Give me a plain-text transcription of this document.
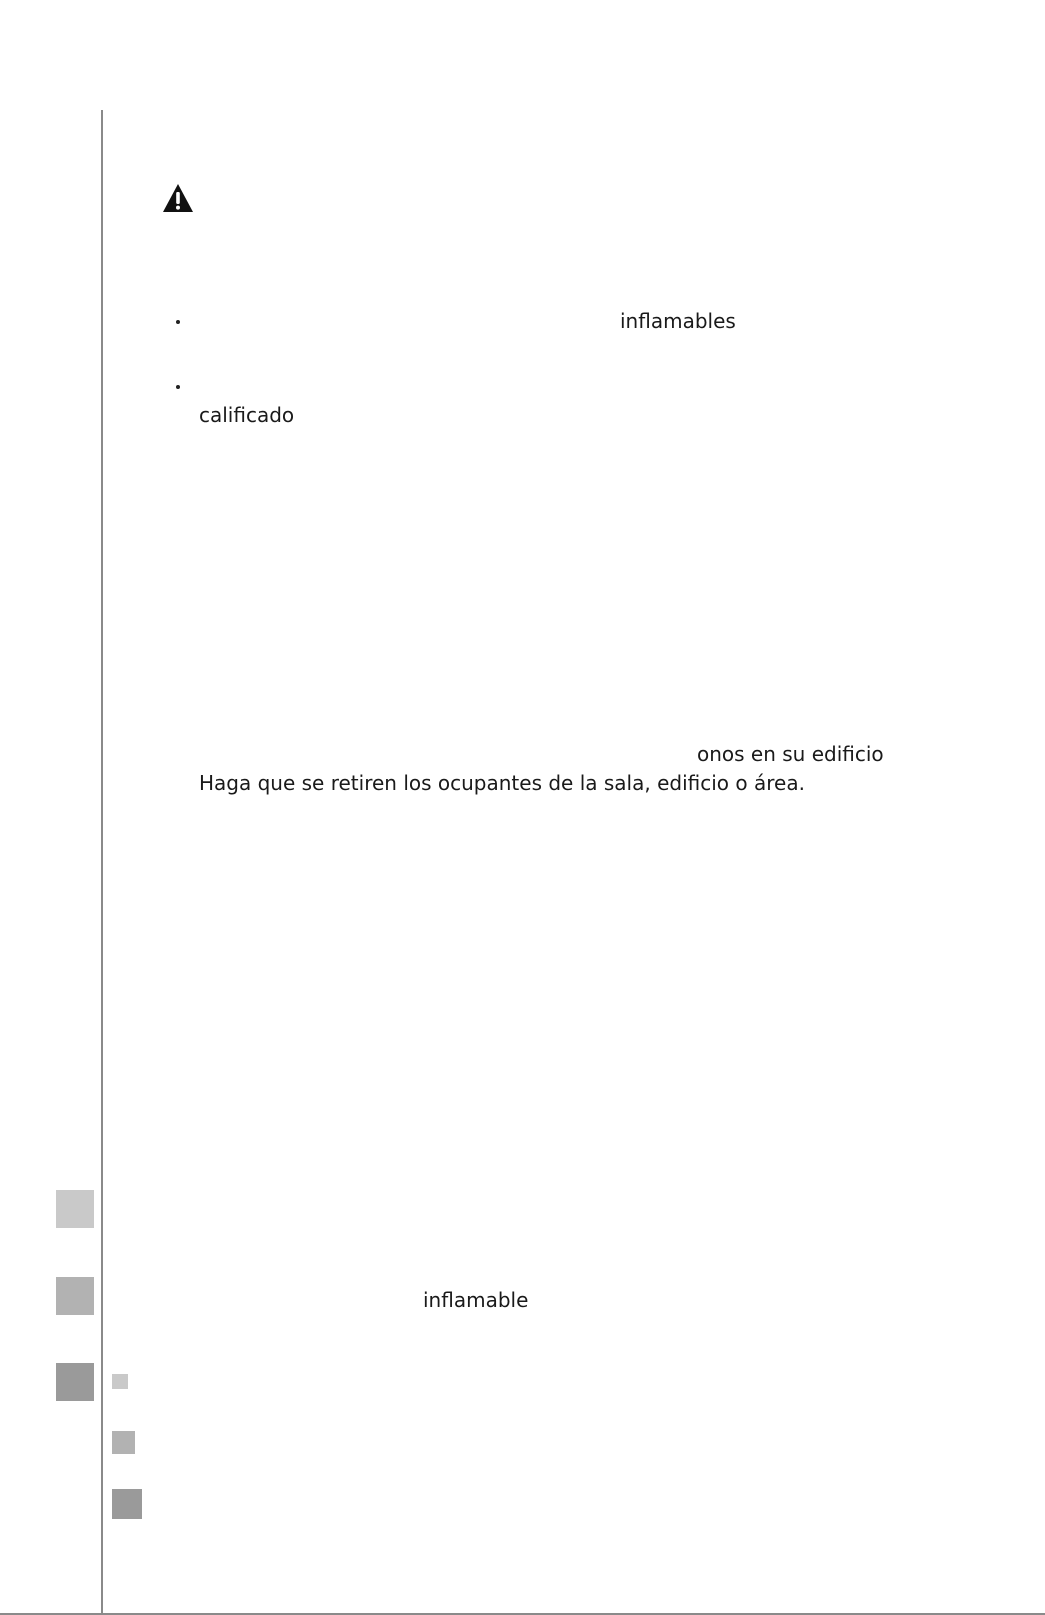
inflamables
calificado
onos en su edificio
Haga que se retiren los ocupantes de la sala, edificio o área.
inflamable
